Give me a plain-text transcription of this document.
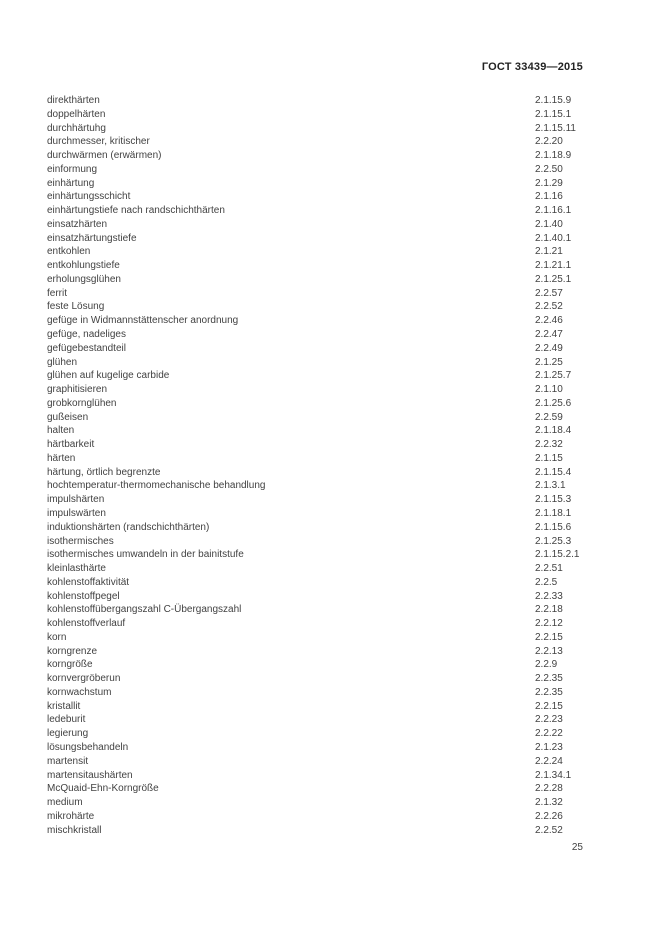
ГОСТ 33439—2015
direkthärten	2.1.15.9
doppelhärten	2.1.15.1
durchhärtuhg	2.1.15.11
durchmesser, kritischer	2.2.20
durchwärmen (erwärmen)	2.1.18.9
einformung	2.2.50
einhärtung	2.1.29
einhärtungsschicht	2.1.16
einhärtungstiefe nach randschichthärten	2.1.16.1
einsatzhärten	2.1.40
einsatzhärtungstiefe	2.1.40.1
entkohlen	2.1.21
entkohlungstiefe	2.1.21.1
erholungsglühen	2.1.25.1
ferrit	2.2.57
feste Lösung	2.2.52
gefüge in Widmannstättenscher anordnung	2.2.46
gefüge, nadeliges	2.2.47
gefügebestandteil	2.2.49
glühen	2.1.25
glühen auf kugelige carbide	2.1.25.7
graphitisieren	2.1.10
grobkornglühen	2.1.25.6
gußeisen	2.2.59
halten	2.1.18.4
härtbarkeit	2.2.32
härten	2.1.15
härtung, örtlich begrenzte	2.1.15.4
hochtemperatur-thermomechanische behandlung	2.1.3.1
impulshärten	2.1.15.3
impulswärten	2.1.18.1
induktionshärten (randschichthärten)	2.1.15.6
isothermisches	2.1.25.3
isothermisches umwandeln in der bainitstufe	2.1.15.2.1
kleinlasthärte	2.2.51
kohlenstoffaktivität	2.2.5
kohlenstoffpegel	2.2.33
kohlenstoffübergangszahl C-Übergangszahl	2.2.18
kohlenstoffverlauf	2.2.12
korn	2.2.15
korngrenze	2.2.13
korngröße	2.2.9
kornvergröberun	2.2.35
kornwachstum	2.2.35
kristallit	2.2.15
ledeburit	2.2.23
legierung	2.2.22
lösungsbehandeln	2.1.23
martensit	2.2.24
martensitaushärten	2.1.34.1
McQuaid-Ehn-Korngröße	2.2.28
medium	2.1.32
mikrohärte	2.2.26
mischkristall	2.2.52
25
